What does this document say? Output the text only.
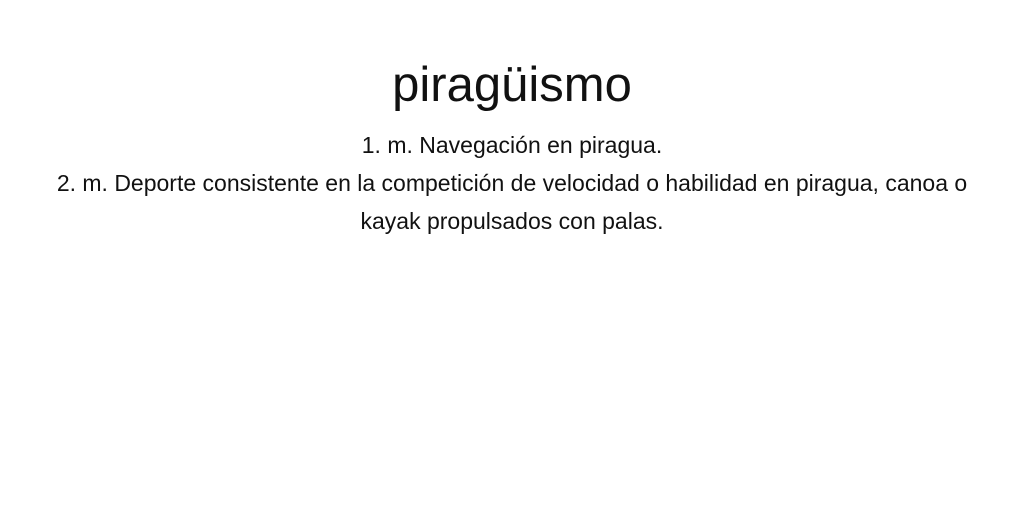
piragüismo
1. m. Navegación en piragua.
2. m. Deporte consistente en la competición de velocidad o habilidad en piragua, canoa o kayak propulsados con palas.
